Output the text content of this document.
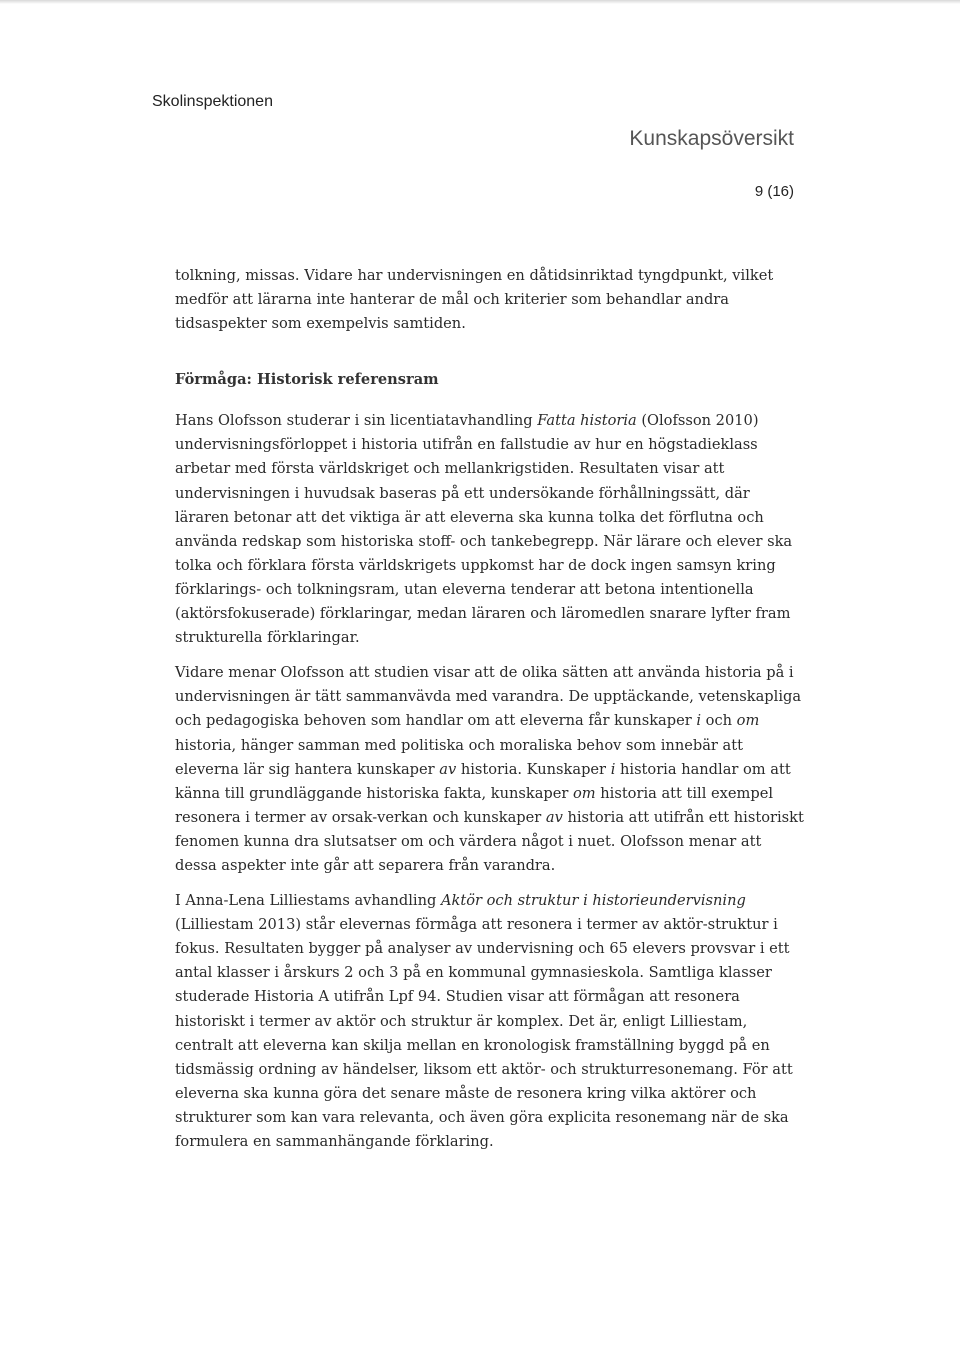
Skolinspektionen
Kunskapsöversikt
9 (16)

tolkning, missas. Vidare har undervisningen en dåtidsinriktad tyngdpunkt, vilket medför att lärarna inte hanterar de mål och kriterier som behandlar andra tidsaspekter som exempelvis samtiden.

Förmåga: Historisk referensram

Hans Olofsson studerar i sin licentiatavhandling Fatta historia (Olofsson 2010) undervisningsförloppet i historia utifrån en fallstudie av hur en högstadieklass arbetar med första världskriget och mellankrigstiden. Resultaten visar att undervisningen i huvudsak baseras på ett undersökande förhållningssätt, där läraren betonar att det viktiga är att eleverna ska kunna tolka det förflutna och använda redskap som historiska stoff- och tankebegrepp. När lärare och elever ska tolka och förklara första världskrigets uppkomst har de dock ingen samsyn kring förklarings- och tolkningsram, utan eleverna tenderar att betona intentionella (aktörsfokuserade) förklaringar, medan läraren och läromedlen snarare lyfter fram strukturella förklaringar.

Vidare menar Olofsson att studien visar att de olika sätten att använda historia på i undervisningen är tätt sammanvävda med varandra. De upptäckande, vetenskapliga och pedagogiska behoven som handlar om att eleverna får kunskaper i och om historia, hänger samman med politiska och moraliska behov som innebär att eleverna lär sig hantera kunskaper av historia. Kunskaper i historia handlar om att känna till grundläggande historiska fakta, kunskaper om historia att till exempel resonera i termer av orsak-verkan och kunskaper av historia att utifrån ett historiskt fenomen kunna dra slutsatser om och värdera något i nuet. Olofsson menar att dessa aspekter inte går att separera från varandra.

I Anna-Lena Lilliestams avhandling Aktör och struktur i historieundervisning (Lilliestam 2013) står elevernas förmåga att resonera i termer av aktör-struktur i fokus. Resultaten bygger på analyser av undervisning och 65 elevers provsvar i ett antal klasser i årskurs 2 och 3 på en kommunal gymnasieskola. Samtliga klasser studerade Historia A utifrån Lpf 94. Studien visar att förmågan att resonera historiskt i termer av aktör och struktur är komplex. Det är, enligt Lilliestam, centralt att eleverna kan skilja mellan en kronologisk framställning byggd på en tidsmässig ordning av händelser, liksom ett aktör- och strukturresonemang. För att eleverna ska kunna göra det senare måste de resonera kring vilka aktörer och strukturer som kan vara relevanta, och även göra explicita resonemang när de ska formulera en sammanhängande förklaring.
